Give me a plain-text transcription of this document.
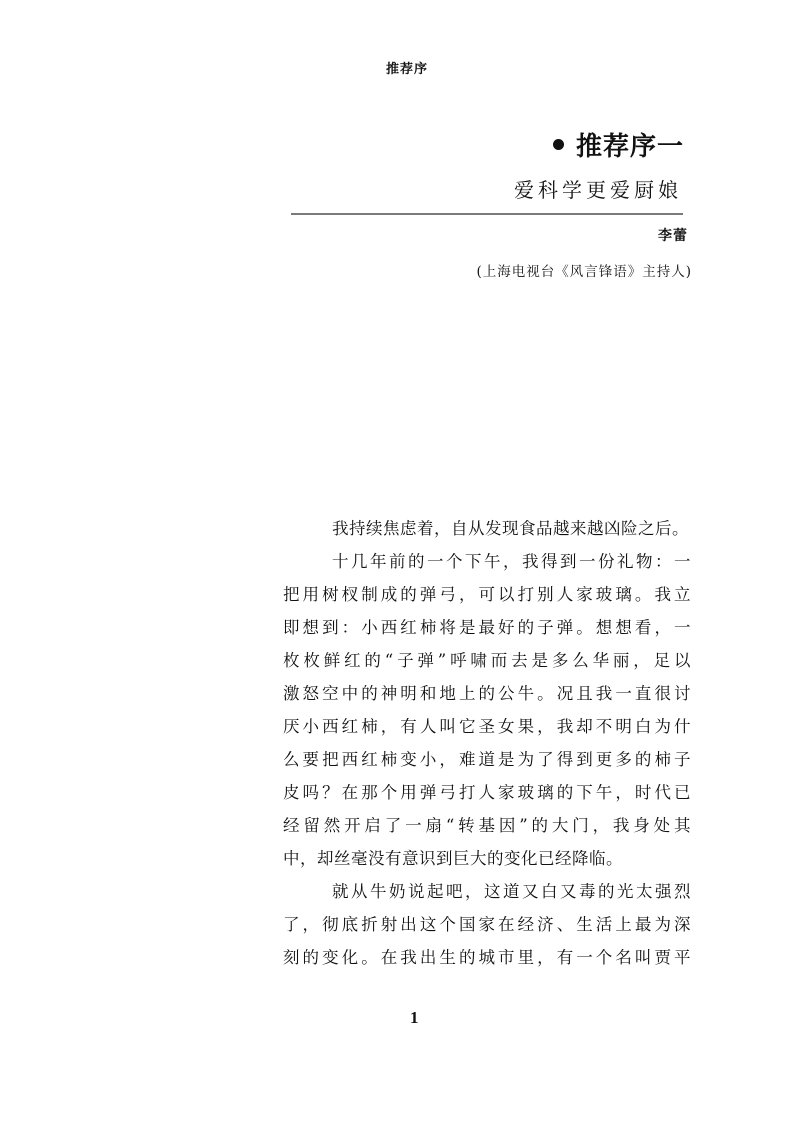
推荐序
推荐序一
爱科学更爱厨娘
李蕾
(上海电视台《风言锋语》主持人)
我持续焦虑着，自从发现食品越来越凶险之后。
十几年前的一个下午，我得到一份礼物：一
把用树杈制成的弹弓，可以打别人家玻璃。我立
即想到：小西红柿将是最好的子弹。想想看，一
枚枚鲜红的“子弹”呼啸而去是多么华丽，足以
激怒空中的神明和地上的公牛。况且我一直很讨
厌小西红柿，有人叫它圣女果，我却不明白为什
么要把西红柿变小，难道是为了得到更多的柿子
皮吗？在那个用弹弓打人家玻璃的下午，时代已
经留然开启了一扇“转基因”的大门，我身处其
中，却丝毫没有意识到巨大的变化已经降临。
就从牛奶说起吧，这道又白又毒的光太强烈
了，彻底折射出这个国家在经济、生活上最为深
刻的变化。在我出生的城市里，有一个名叫贾平
1
